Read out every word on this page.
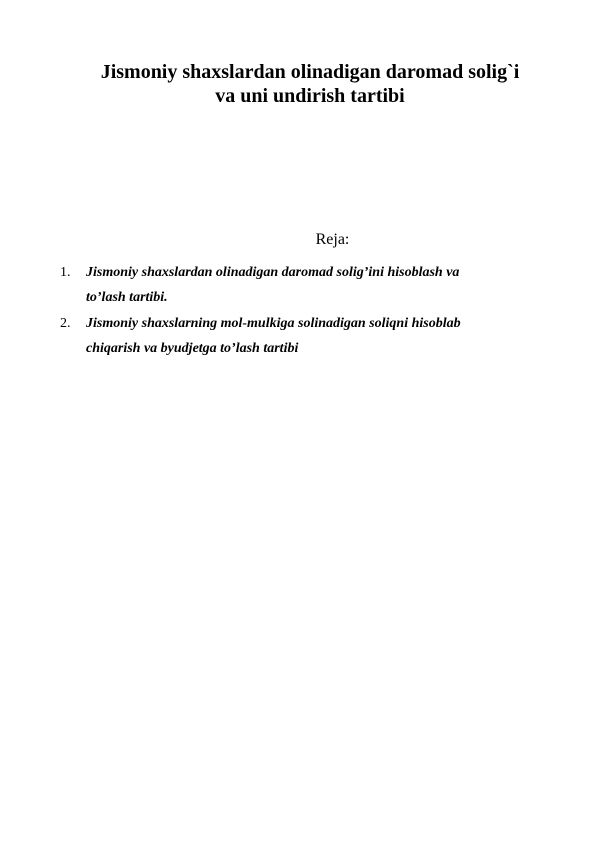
Jismoniy shaxslardan olinadigan daromad solig`i
va uni undirish tartibi
Reja:
1. Jismoniy shaxslardan olinadigan daromad solig’ini hisoblash va
to’lash tartibi.
2. Jismoniy shaxslarning mol-mulkiga solinadigan soliqni hisoblab
chiqarish va byudjetga to’lash tartibi
